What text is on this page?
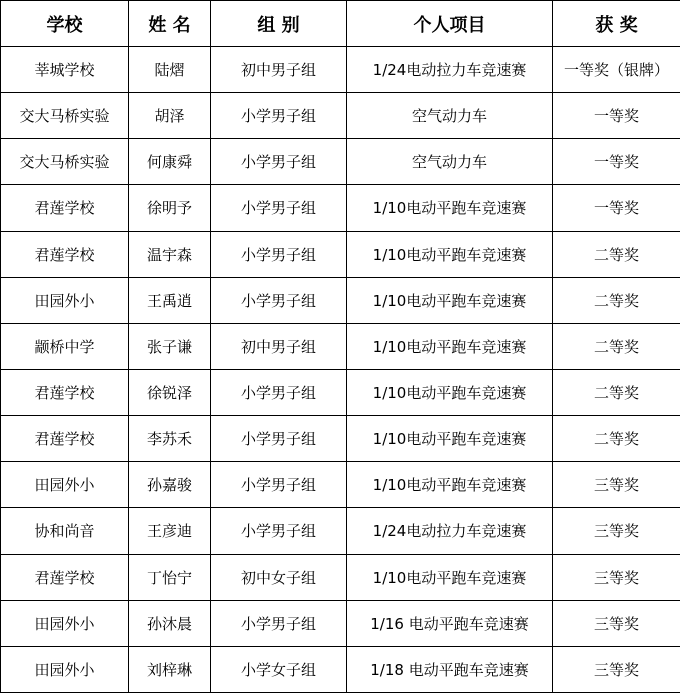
学校	姓 名	组 别	个人项目	获 奖
莘城学校	陆熠	初中男子组	1/24电动拉力车竞速赛	一等奖（银牌）
交大马桥实验	胡泽	小学男子组	空气动力车	一等奖
交大马桥实验	何康舜	小学男子组	空气动力车	一等奖
君莲学校	徐明予	小学男子组	1/10电动平跑车竞速赛	一等奖
君莲学校	温宇森	小学男子组	1/10电动平跑车竞速赛	二等奖
田园外小	王禹逍	小学男子组	1/10电动平跑车竞速赛	二等奖
颛桥中学	张子谦	初中男子组	1/10电动平跑车竞速赛	二等奖
君莲学校	徐锐泽	小学男子组	1/10电动平跑车竞速赛	二等奖
君莲学校	李苏禾	小学男子组	1/10电动平跑车竞速赛	二等奖
田园外小	孙嘉骏	小学男子组	1/10电动平跑车竞速赛	三等奖
协和尚音	王彦迪	小学男子组	1/24电动拉力车竞速赛	三等奖
君莲学校	丁怡宁	初中女子组	1/10电动平跑车竞速赛	三等奖
田园外小	孙沐晨	小学男子组	1/16 电动平跑车竞速赛	三等奖
田园外小	刘梓琳	小学女子组	1/18 电动平跑车竞速赛	三等奖
